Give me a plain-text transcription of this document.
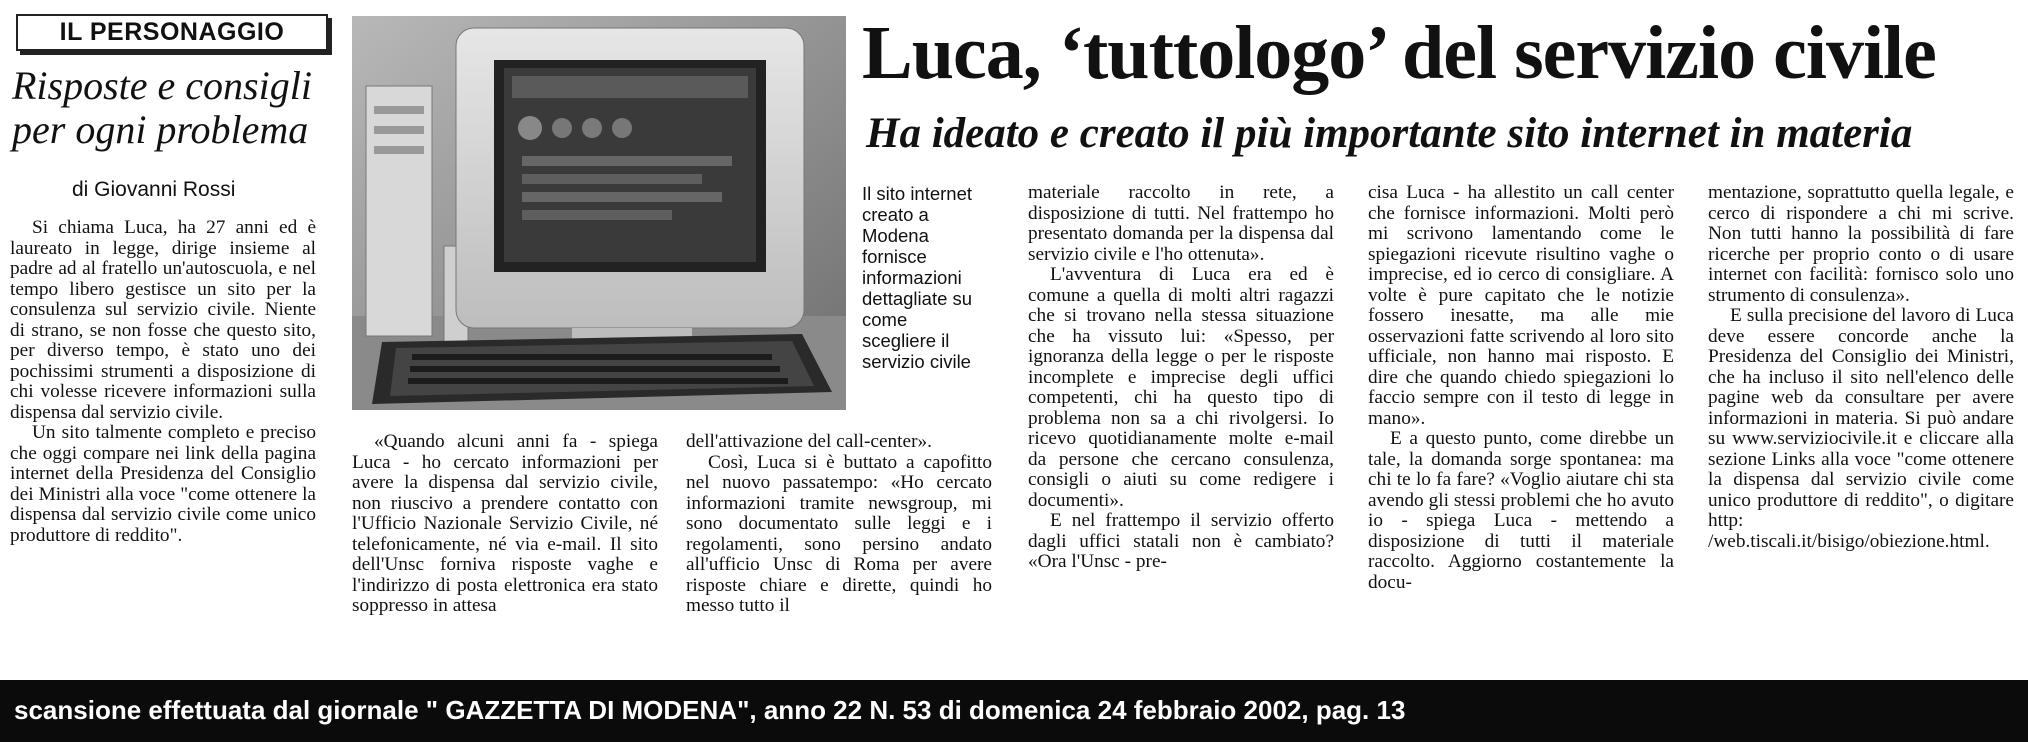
IL PERSONAGGIO
Risposte e consigli per ogni problema
di Giovanni Rossi

Si chiama Luca, ha 27 anni ed è laureato in legge, dirige insieme al padre ad al fratello un'autoscuola, e nel tempo libero gestisce un sito per la consulenza sul servizio civile. Niente di strano, se non fosse che questo sito, per diverso tempo, è stato uno dei pochissimi strumenti a disposizione di chi volesse ricevere informazioni sulla dispensa dal servizio civile.

Un sito talmente completo e preciso che oggi compare nei link della pagina internet della Presidenza del Consiglio dei Ministri alla voce "come ottenere la dispensa dal servizio civile come unico produttore di reddito".

«Quando alcuni anni fa - spiega Luca - ho cercato informazioni per avere la dispensa dal servizio civile, non riuscivo a prendere contatto con l'Ufficio Nazionale Servizio Civile, né telefonicamente, né via e-mail. Il sito dell'Unsc forniva risposte vaghe e l'indirizzo di posta elettronica era stato soppresso in attesa

dell'attivazione del call-center».

Così, Luca si è buttato a capofitto nel nuovo passatempo: «Ho cercato informazioni tramite newsgroup, mi sono documentato sulle leggi e i regolamenti, sono persino andato all'ufficio Unsc di Roma per avere risposte chiare e dirette, quindi ho messo tutto il

Luca, ‘tuttologo’ del servizio civile
Ha ideato e creato il più importante sito internet in materia
Il sito internet creato a Modena fornisce informazioni dettagliate su come scegliere il servizio civile

materiale raccolto in rete, a disposizione di tutti. Nel frattempo ho presentato domanda per la dispensa dal servizio civile e l'ho ottenuta».

L'avventura di Luca era ed è comune a quella di molti altri ragazzi che si trovano nella stessa situazione che ha vissuto lui: «Spesso, per ignoranza della legge o per le risposte incomplete e imprecise degli uffici competenti, chi ha questo tipo di problema non sa a chi rivolgersi. Io ricevo quotidianamente molte e-mail da persone che cercano consulenza, consigli o aiuti su come redigere i documenti».

E nel frattempo il servizio offerto dagli uffici statali non è cambiato? «Ora l'Unsc - pre-

cisa Luca - ha allestito un call center che fornisce informazioni. Molti però mi scrivono lamentando come le spiegazioni ricevute risultino vaghe o imprecise, ed io cerco di consigliare. A volte è pure capitato che le notizie fossero inesatte, ma alle mie osservazioni fatte scrivendo al loro sito ufficiale, non hanno mai risposto. E dire che quando chiedo spiegazioni lo faccio sempre con il testo di legge in mano».

E a questo punto, come direbbe un tale, la domanda sorge spontanea: ma chi te lo fa fare? «Voglio aiutare chi sta avendo gli stessi problemi che ho avuto io - spiega Luca - mettendo a disposizione di tutti il materiale raccolto. Aggiorno costantemente la docu-

mentazione, soprattutto quella legale, e cerco di rispondere a chi mi scrive. Non tutti hanno la possibilità di fare ricerche per proprio conto o di usare internet con facilità: fornisco solo uno strumento di consulenza».

E sulla precisione del lavoro di Luca deve essere concorde anche la Presidenza del Consiglio dei Ministri, che ha incluso il sito nell'elenco delle pagine web da consultare per avere informazioni in materia. Si può andare su www.serviziocivile.it e cliccare alla sezione Links alla voce "come ottenere la dispensa dal servizio civile come unico produttore di reddito", o digitare http: /web.tiscali.it/bisigo/obiezione.html.

scansione effettuata dal giornale " GAZZETTA DI MODENA", anno 22 N. 53 di domenica 24 febbraio 2002, pag. 13
